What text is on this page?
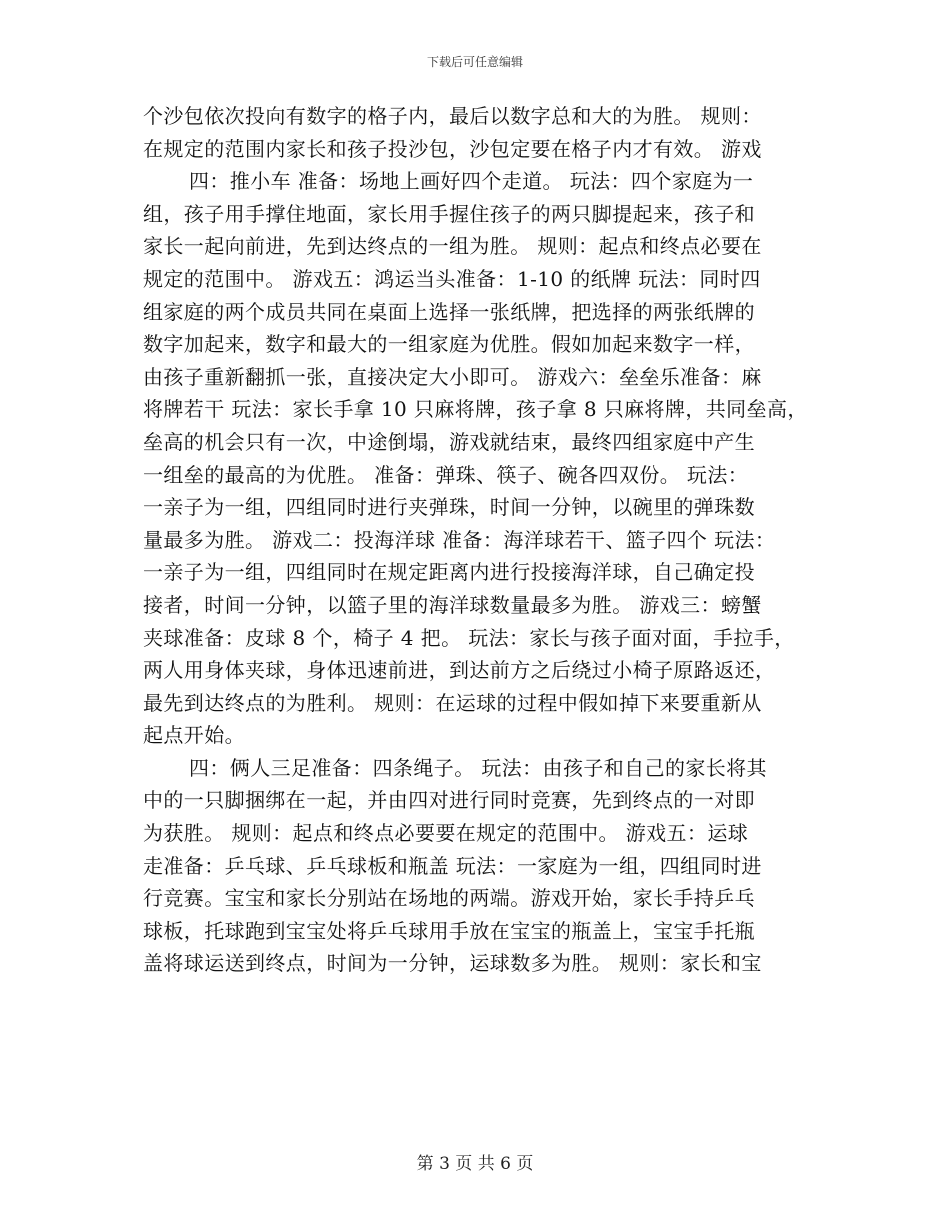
下载后可任意编辑
个沙包依次投向有数字的格子内，最后以数字总和大的为胜。 规则：
在规定的范围内家长和孩子投沙包，沙包定要在格子内才有效。 游戏
四：推小车 准备：场地上画好四个走道。 玩法：四个家庭为一
组，孩子用手撑住地面，家长用手握住孩子的两只脚提起来，孩子和
家长一起向前进，先到达终点的一组为胜。 规则：起点和终点必要在
规定的范围中。 游戏五：鸿运当头准备：1-10 的纸牌 玩法：同时四
组家庭的两个成员共同在桌面上选择一张纸牌，把选择的两张纸牌的
数字加起来，数字和最大的一组家庭为优胜。假如加起来数字一样，
由孩子重新翻抓一张，直接决定大小即可。 游戏六：垒垒乐准备：麻
将牌若干 玩法：家长手拿 10 只麻将牌，孩子拿 8 只麻将牌，共同垒高，
垒高的机会只有一次，中途倒塌，游戏就结束，最终四组家庭中产生
一组垒的最高的为优胜。 准备：弹珠、筷子、碗各四双份。 玩法：
一亲子为一组，四组同时进行夹弹珠，时间一分钟，以碗里的弹珠数
量最多为胜。 游戏二：投海洋球 准备：海洋球若干、篮子四个 玩法：
一亲子为一组，四组同时在规定距离内进行投接海洋球，自己确定投
接者，时间一分钟，以篮子里的海洋球数量最多为胜。 游戏三：螃蟹
夹球准备：皮球 8 个，椅子 4 把。 玩法：家长与孩子面对面，手拉手，
两人用身体夹球，身体迅速前进，到达前方之后绕过小椅子原路返还，
最先到达终点的为胜利。 规则：在运球的过程中假如掉下来要重新从
起点开始。
四：俩人三足准备：四条绳子。 玩法：由孩子和自己的家长将其
中的一只脚捆绑在一起，并由四对进行同时竞赛，先到终点的一对即
为获胜。 规则：起点和终点必要要在规定的范围中。 游戏五：运球
走准备：乒乓球、乒乓球板和瓶盖 玩法：一家庭为一组，四组同时进
行竞赛。宝宝和家长分别站在场地的两端。游戏开始，家长手持乒乓
球板，托球跑到宝宝处将乒乓球用手放在宝宝的瓶盖上，宝宝手托瓶
盖将球运送到终点，时间为一分钟，运球数多为胜。 规则：家长和宝
第 3 页 共 6 页
